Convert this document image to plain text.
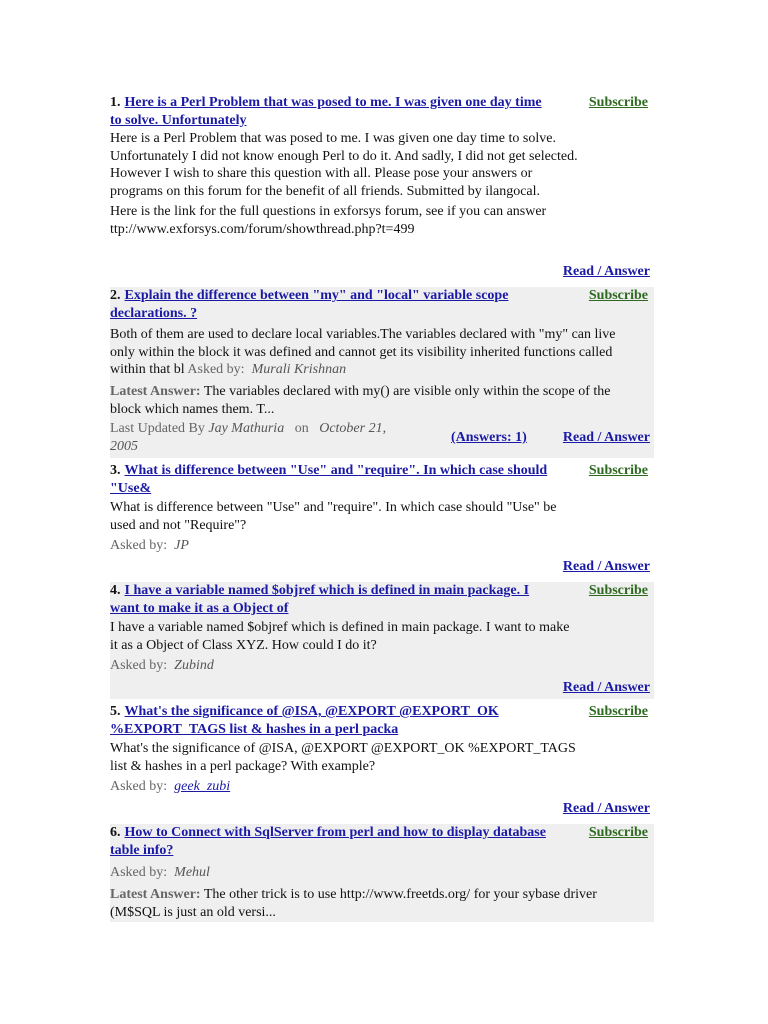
1. Here is a Perl Problem that was posed to me. I was given one day time to solve. Unfortunately
Subscribe

Here is a Perl Problem that was posed to me. I was given one day time to solve. Unfortunately I did not know enough Perl to do it. And sadly, I did not get selected. However I wish to share this question with all. Please pose your answers or programs on this forum for the benefit of all friends. Submitted by ilangocal.

Here is the link for the full questions in exforsys forum, see if you can answer ttp://www.exforsys.com/forum/showthread.php?t=499

Read / Answer
2. Explain the difference between "my" and "local" variable scope declarations. ?
Subscribe
Both of them are used to declare local variables.The variables declared with "my" can live only within the block it was defined and cannot get its visibility inherited functions called within that bl Asked by: Murali Krishnan
Latest Answer: The variables declared with my() are visible only within the scope of the block which names them. T...
Last Updated By Jay Mathuria on October 21, 2005
(Answers: 1)	Read / Answer
3. What is difference between "Use" and "require". In which case should "Use&
Subscribe

What is difference between "Use" and "require". In which case should "Use" be used and not "Require"?

Asked by: JP
Read / Answer
4. I have a variable named $objref which is defined in main package. I want to make it as a Object of
Subscribe

I have a variable named $objref which is defined in main package. I want to make it as a Object of Class XYZ. How could I do it?

Asked by: Zubind
Read / Answer
5. What's the significance of @ISA, @EXPORT @EXPORT_OK %EXPORT_TAGS list & hashes in a perl packa
Subscribe

What's the significance of @ISA, @EXPORT @EXPORT_OK %EXPORT_TAGS list & hashes in a perl package? With example?

Asked by: geek_zubi
Read / Answer
6. How to Connect with SqlServer from perl and how to display database table info?
Subscribe
Asked by: Mehul
Latest Answer: The other trick is to use http://www.freetds.org/ for your sybase driver (M$SQL is just an old versi...
